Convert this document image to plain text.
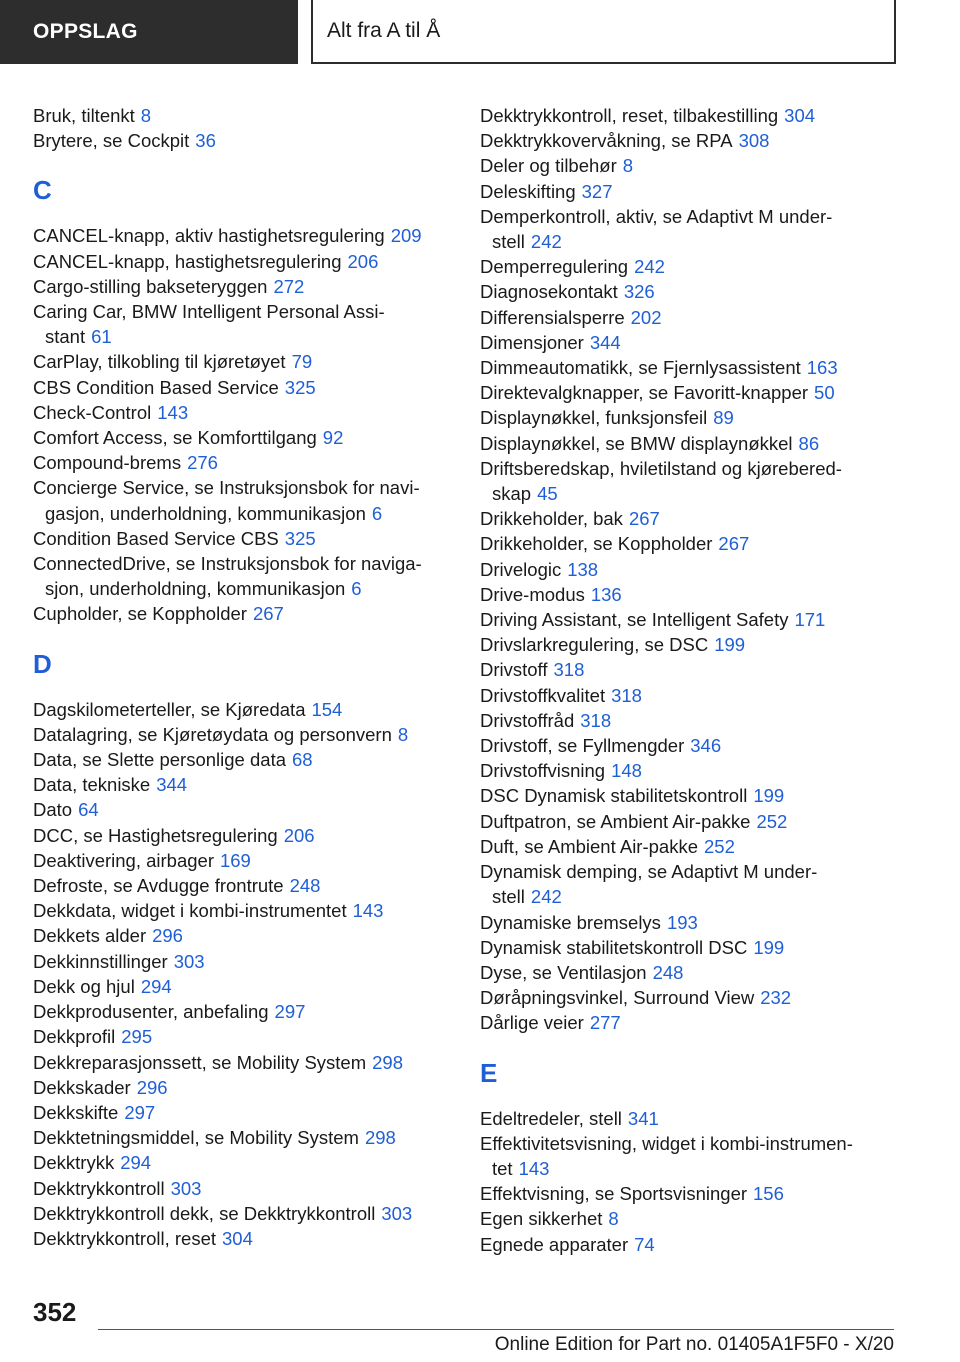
OPPSLAG	Alt fra A til Å
Bruk, tiltenkt 8
Brytere, se Cockpit 36
C
CANCEL-knapp, aktiv hastighetsregulering 209
CANCEL-knapp, hastighetsregulering 206
Cargo-stilling bakseteryggen 272
Caring Car, BMW Intelligent Personal Assi-
stant 61
CarPlay, tilkobling til kjøretøyet 79
CBS Condition Based Service 325
Check-Control 143
Comfort Access, se Komforttilgang 92
Compound-brems 276
Concierge Service, se Instruksjonsbok for navi-
gasjon, underholdning, kommunikasjon 6
Condition Based Service CBS 325
ConnectedDrive, se Instruksjonsbok for naviga-
sjon, underholdning, kommunikasjon 6
Cupholder, se Koppholder 267
D
Dagskilometerteller, se Kjøredata 154
Datalagring, se Kjøretøydata og personvern 8
Data, se Slette personlige data 68
Data, tekniske 344
Dato 64
DCC, se Hastighetsregulering 206
Deaktivering, airbager 169
Defroste, se Avdugge frontrute 248
Dekkdata, widget i kombi-instrumentet 143
Dekkets alder 296
Dekkinnstillinger 303
Dekk og hjul 294
Dekkprodusenter, anbefaling 297
Dekkprofil 295
Dekkreparasjonssett, se Mobility System 298
Dekkskader 296
Dekkskifte 297
Dekktetningsmiddel, se Mobility System 298
Dekktrykk 294
Dekktrykkontroll 303
Dekktrykkontroll dekk, se Dekktrykkontroll 303
Dekktrykkontroll, reset 304
Dekktrykkontroll, reset, tilbakestilling 304
Dekktrykkovervåkning, se RPA 308
Deler og tilbehør 8
Deleskifting 327
Demperkontroll, aktiv, se Adaptivt M under-
stell 242
Demperregulering 242
Diagnosekontakt 326
Differensialsperre 202
Dimensjoner 344
Dimmeautomatikk, se Fjernlysassistent 163
Direktevalgknapper, se Favoritt-knapper 50
Displaynøkkel, funksjonsfeil 89
Displaynøkkel, se BMW displaynøkkel 86
Driftsberedskap, hviletilstand og kjørebered-
skap 45
Drikkeholder, bak 267
Drikkeholder, se Koppholder 267
Drivelogic 138
Drive-modus 136
Driving Assistant, se Intelligent Safety 171
Drivslarkregulering, se DSC 199
Drivstoff 318
Drivstoffkvalitet 318
Drivstoffråd 318
Drivstoff, se Fyllmengder 346
Drivstoffvisning 148
DSC Dynamisk stabilitetskontroll 199
Duftpatron, se Ambient Air-pakke 252
Duft, se Ambient Air-pakke 252
Dynamisk demping, se Adaptivt M under-
stell 242
Dynamiske bremselys 193
Dynamisk stabilitetskontroll DSC 199
Dyse, se Ventilasjon 248
Døråpningsvinkel, Surround View 232
Dårlige veier 277
E
Edeltredeler, stell 341
Effektivitetsvisning, widget i kombi-instrumen-
tet 143
Effektvisning, se Sportsvisninger 156
Egen sikkerhet 8
Egnede apparater 74
352
Online Edition for Part no. 01405A1F5F0 - X/20
